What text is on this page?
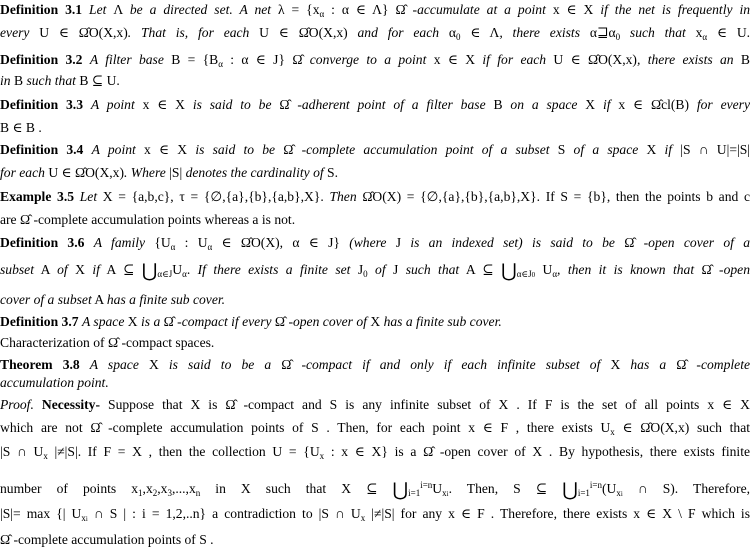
Definition 3.1 Let Λ be a directed set. A net $\lambda = \{x_\alpha$ : α ∈ Λ} Ω̂ -accumulate at a point x ∈ X if the net is frequently in
every U ∈ Ω̂O(X,x). That is, for each U ∈ Ω̂O(X,x) and for each $\alpha_0$ ∈ Λ, there exists $\alpha⊒\alpha_0$ such that $x_\alpha$ ∈ U.
Definition 3.2 A filter base $B = \{B_\alpha$ : α ∈ J} Ω̂ converge to a point x ∈ X if for each U ∈ Ω̂O(X,x), there exists an B
in B such that B ⊆ U.
Definition 3.3 A point x ∈ X is said to be Ω̂ -adherent point of a filter base B on a space X if x ∈ Ω̂cl(B) for every
B ∈ B .
Definition 3.4 A point x ∈ X is said to be Ω̂ -complete accumulation point of a subset S of a space X if |S ∩ U|=|S|
for each U ∈ Ω̂O(X,x). Where |S| denotes the cardinality of S.
Example 3.5 Let X = {a,b,c}, τ = {∅,{a},{b},{a,b},X}. Then Ω̂O(X) = {∅,{a},{b},{a,b},X}. If S = {b}, then the points b and c
are Ω̂ -complete accumulation points whereas a is not.
Definition 3.6 A family {$U_\alpha$ : $U_\alpha$ ∈ Ω̂O(X), α ∈ J} (where J is an indexed set) is said to be Ω̂ -open cover of a
subset A of X if A ⊆ $⋃_{\alpha\in J}U_\alpha$. If there exists a finite set $J_0$ of J such that A ⊆ $⋃_{\alpha\in J0}$ $U_\alpha$, then it is known that Ω̂ -open
cover of a subset A has a finite sub cover.
Definition 3.7 A space X is a Ω̂ -compact if every Ω̂ -open cover of X has a finite sub cover.
Characterization of Ω̂ -compact spaces.
Theorem 3.8 A space X is said to be a Ω̂ -compact if and only if each infinite subset of X has a Ω̂ -complete
accumulation point.
Proof. Necessity- Suppose that X is Ω̂ -compact and S is any infinite subset of X . If F is the set of all points x ∈ X
which are not Ω̂ -complete accumulation points of S . Then, for each point x ∈ F , there exists $U_x$ ∈ Ω̂O(X,x) such that
|S ∩ $U_x$ |≠|S|. If F = X , then the collection $U = \{U_x$ : x ∈ X} is a Ω̂ -open cover of X . By hypothesis, there exists finite
number of points $x_1,x_2,x_3,...,x_n$ in X such that X ⊆ $⋃_{i=1}^{i=n}U_{xi}$. Then, S ⊆ $⋃_{i=1}^{i=n}(U_{xi}$ ∩ S). Therefore,
|S|= max {| $U_{xi}$ ∩ S | : i = 1,2,..n} a contradiction to |S ∩ $U_x$ |≠|S| for any x ∈ F . Therefore, there exists x ∈ X \ F which is
Ω̂ -complete accumulation points of S .
